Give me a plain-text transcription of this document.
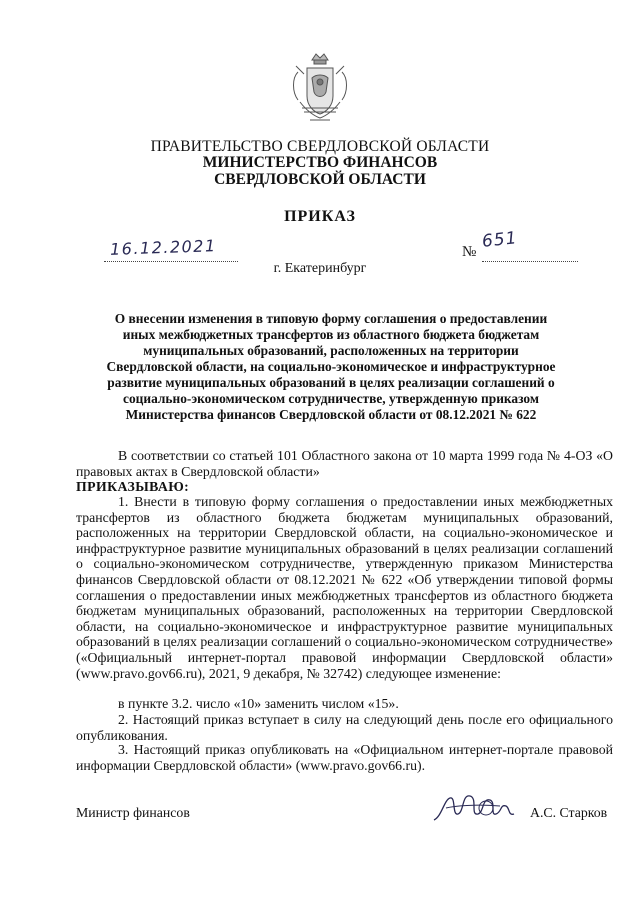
ПРАВИТЕЛЬСТВО СВЕРДЛОВСКОЙ ОБЛАСТИ
МИНИСТЕРСТВО ФИНАНСОВ
СВЕРДЛОВСКОЙ ОБЛАСТИ
ПРИКАЗ
16.12.2021	№
651
г. Екатеринбург
О внесении изменения в типовую форму соглашения о предоставлении иных межбюджетных трансфертов из областного бюджета бюджетам муниципальных образований, расположенных на территории Свердловской области, на социально-экономическое и инфраструктурное развитие муниципальных образований в целях реализации соглашений о социально-экономическом сотрудничестве, утвержденную приказом Министерства финансов Свердловской области от 08.12.2021 № 622
В соответствии со статьей 101 Областного закона от 10 марта 1999 года № 4-ОЗ «О правовых актах в Свердловской области»
ПРИКАЗЫВАЮ:
1. Внести в типовую форму соглашения о предоставлении иных межбюджетных трансфертов из областного бюджета бюджетам муниципальных образований, расположенных на территории Свердловской области, на социально-экономическое и инфраструктурное развитие муниципальных образований в целях реализации соглашений о социально-экономическом сотрудничестве, утвержденную приказом Министерства финансов Свердловской области от 08.12.2021 № 622 «Об утверждении типовой формы соглашения о предоставлении иных межбюджетных трансфертов из областного бюджета бюджетам муниципальных образований, расположенных на территории Свердловской области, на социально-экономическое и инфраструктурное развитие муниципальных образований в целях реализации соглашений о социально-экономическом сотрудничестве» («Официальный интернет-портал правовой информации Свердловской области» (www.pravo.gov66.ru), 2021, 9 декабря, № 32742) следующее изменение:
в пункте 3.2. число «10» заменить числом «15».
2. Настоящий приказ вступает в силу на следующий день после его официального опубликования.
3. Настоящий приказ опубликовать на «Официальном интернет-портале правовой информации Свердловской области» (www.pravo.gov66.ru).
Министр финансов	А.С. Старков
